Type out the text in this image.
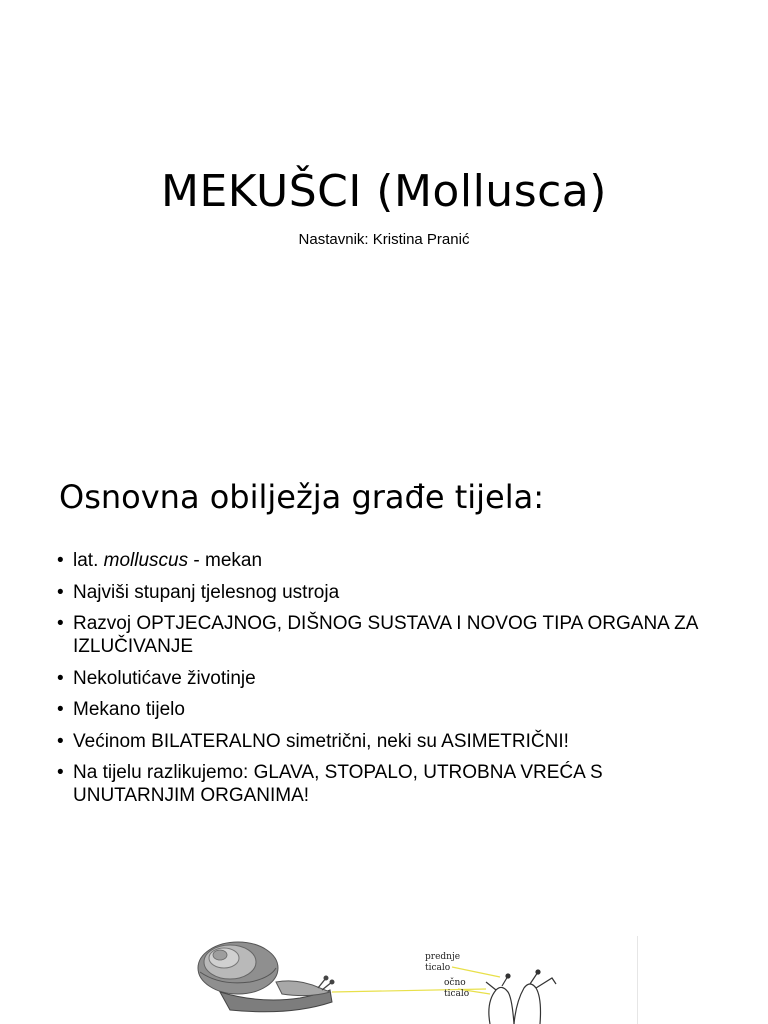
MEKUŠCI (Mollusca)
Nastavnik: Kristina Pranić
Osnovna obilježja građe tijela:
• lat. molluscus - mekan
• Najviši stupanj tjelesnog ustroja
• Razvoj OPTJECAJNOG, DIŠNOG SUSTAVA I NOVOG TIPA ORGANA ZA IZLUČIVANJE
• Nekolutićave životinje
• Mekano tijelo
• Većinom BILATERALNO simetrični, neki su ASIMETRIČNI!
• Na tijelu razlikujemo: GLAVA, STOPALO, UTROBNA VREĆA S UNUTARNJIM ORGANIMA!
prednje
ticalo
očno
ticalo
